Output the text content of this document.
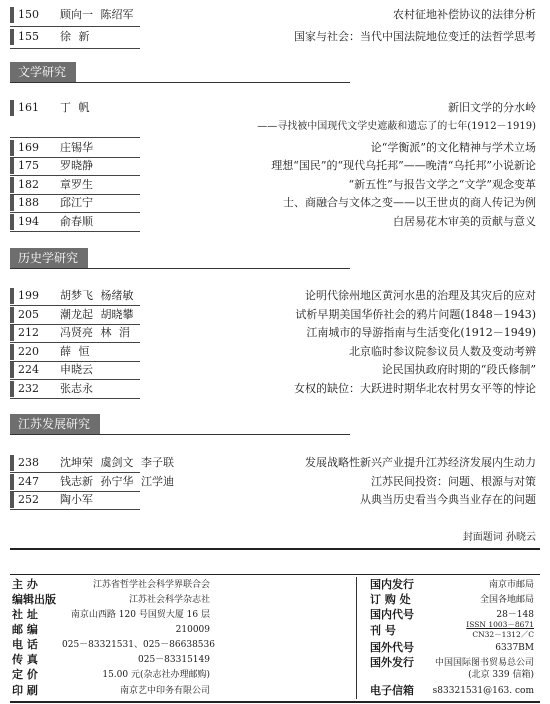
150 顾向一 陈绍军	农村征地补偿协议的法律分析
155 徐 新	国家与社会：当代中国法院地位变迁的法哲学思考
文学研究
161 丁 帆	新旧文学的分水岭
——寻找被中国现代文学史遮蔽和遗忘了的七年(1912－1919)
169 庄锡华	论“学衡派”的文化精神与学术立场
175 罗晓静	理想“国民”的“现代乌托邦”——晚清“乌托邦”小说新论
182 章罗生	“新五性”与报告文学之“文学”观念变革
188 邱江宁	士、商融合与文体之变——以王世贞的商人传记为例
194 俞春顺	白居易花木审美的贡献与意义
历史学研究
199 胡梦飞 杨绪敏	论明代徐州地区黄河水患的治理及其灾后的应对
205 潮龙起 胡晓攀	试析早期美国华侨社会的鸦片问题(1848－1943)
212 冯贤亮 林 涓	江南城市的导游指南与生活变化(1912－1949)
220 薛 恒	北京临时参议院参议员人数及变动考辨
224 申晓云	论民国执政府时期的“段氏修制”
232 张志永	女权的缺位：大跃进时期华北农村男女平等的悖论
江苏发展研究
238 沈坤荣 虞剑文 李子联	发展战略性新兴产业提升江苏经济发展内生动力
247 钱志新 孙宁华 江学迪	江苏民间投资：问题、根源与对策
252 陶小军	从典当历史看当今典当业存在的问题
封面题词 孙晓云
主 办	江苏省哲学社会科学界联合会
编辑出版	江苏社会科学杂志社
社 址	南京山西路 120 号国贸大厦 16 层
邮 编	210009
电 话	025－83321531、025－86638536
传 真	025－83315149
定 价	15.00 元(杂志社办理邮购)
印 刷	南京艺中印务有限公司
国内发行	南京市邮局
订 购 处	全国各地邮局
国内代号	28－148
刊 号	ISSN 1003－8671
CN32－1312／C
国外代号	6337BM
国外发行	中国国际图书贸易总公司
(北京 339 信箱)
电子信箱 s83321531@163. com
